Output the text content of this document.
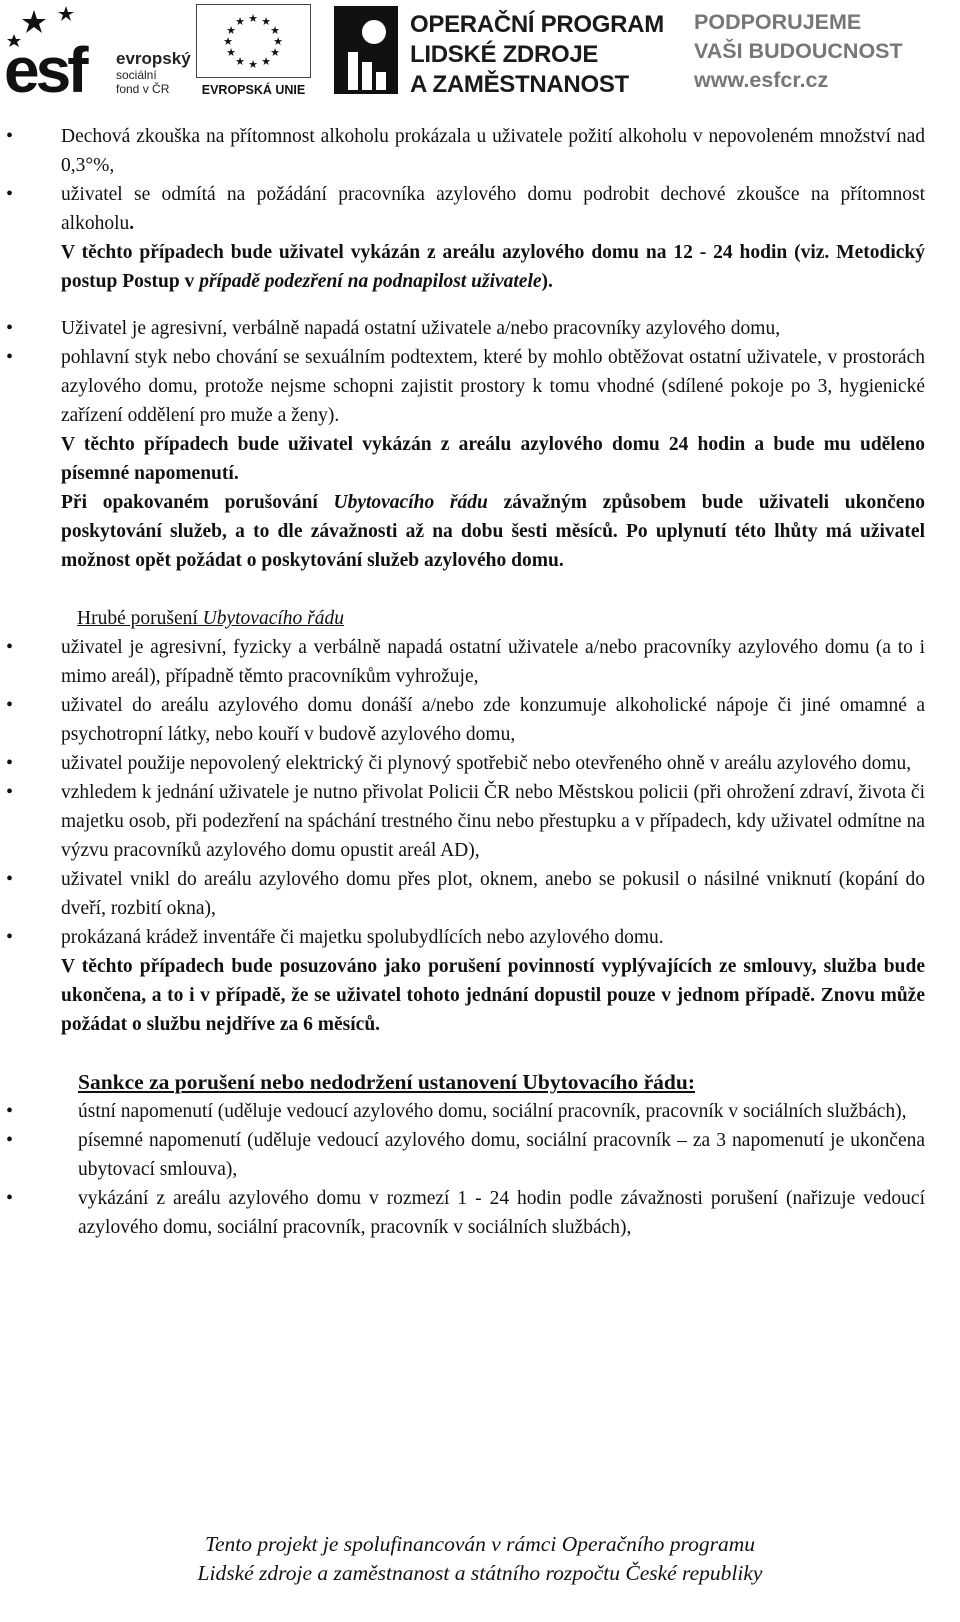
esf evropský
sociální
fond v ČR
★ ★
★
★
★
★
★
★
★
★
★
★
EVROPSKÁ UNIE
OPERAČNÍ PROGRAM
LIDSKÉ ZDROJE
A ZAMĚSTNANOST
PODPORUJEME
VAŠI BUDOUCNOST
www.esfcr.cz

• Dechová zkouška na přítomnost alkoholu prokázala u uživatele požití alkoholu v nepovoleném množství nad 0,3°%,

• uživatel se odmítá na požádání pracovníka azylového domu podrobit dechové zkoušce na přítomnost alkoholu.

V těchto případech bude uživatel vykázán z areálu azylového domu na 12 - 24 hodin (viz. Metodický postup Postup v případě podezření na podnapilost uživatele).

• Uživatel je agresivní, verbálně napadá ostatní uživatele a/nebo pracovníky azylového domu,

• pohlavní styk nebo chování se sexuálním podtextem, které by mohlo obtěžovat ostatní uživatele, v prostorách azylového domu, protože nejsme schopni zajistit prostory k tomu vhodné (sdílené pokoje po 3, hygienické zařízení oddělení pro muže a ženy).

V těchto případech bude uživatel vykázán z areálu azylového domu 24 hodin a bude mu uděleno písemné napomenutí.

Při opakovaném porušování Ubytovacího řádu závažným způsobem bude uživateli ukončeno poskytování služeb, a to dle závažnosti až na dobu šesti měsíců. Po uplynutí této lhůty má uživatel možnost opět požádat o poskytování služeb azylového domu.

Hrubé porušení Ubytovacího řádu

• uživatel je agresivní, fyzicky a verbálně napadá ostatní uživatele a/nebo pracovníky azylového domu (a to i mimo areál), případně těmto pracovníkům vyhrožuje,

• uživatel do areálu azylového domu donáší a/nebo zde konzumuje alkoholické nápoje či jiné omamné a psychotropní látky, nebo kouří v budově azylového domu,

• uživatel použije nepovolený elektrický či plynový spotřebič nebo otevřeného ohně v areálu azylového domu,

• vzhledem k jednání uživatele je nutno přivolat Policii ČR nebo Městskou policii (při ohrožení zdraví, života či majetku osob, při podezření na spáchání trestného činu nebo přestupku a v případech, kdy uživatel odmítne na výzvu pracovníků azylového domu opustit areál AD),

• uživatel vnikl do areálu azylového domu přes plot, oknem, anebo se pokusil o násilné vniknutí (kopání do dveří, rozbití okna),

• prokázaná krádež inventáře či majetku spolubydlících nebo azylového domu.

V těchto případech bude posuzováno jako porušení povinností vyplývajících ze smlouvy, služba bude ukončena, a to i v případě, že se uživatel tohoto jednání dopustil pouze v jednom případě. Znovu může požádat o službu nejdříve za 6 měsíců.

Sankce za porušení nebo nedodržení ustanovení Ubytovacího řádu:

• ústní napomenutí (uděluje vedoucí azylového domu, sociální pracovník, pracovník v sociálních službách),

• písemné napomenutí (uděluje vedoucí azylového domu, sociální pracovník – za 3 napomenutí je ukončena ubytovací smlouva),

• vykázání z areálu azylového domu v rozmezí 1 - 24 hodin podle závažnosti porušení (nařizuje vedoucí azylového domu, sociální pracovník, pracovník v sociálních službách),

Tento projekt je spolufinancován v rámci Operačního programu
Lidské zdroje a zaměstnanost a státního rozpočtu České republiky
